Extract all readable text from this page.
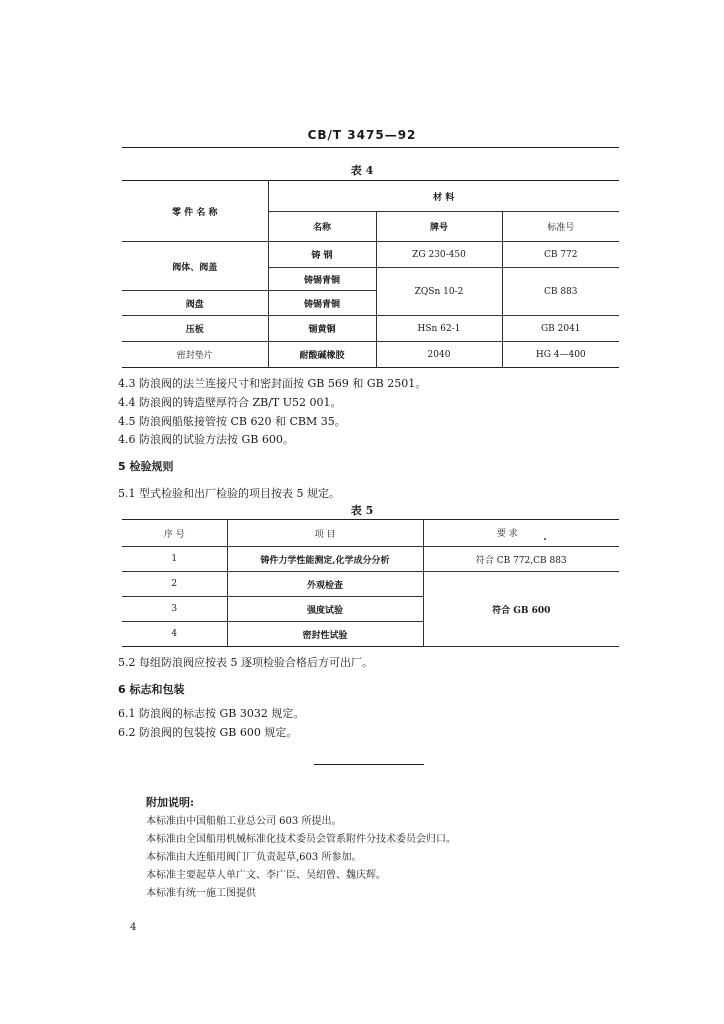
CB/T 3475—92
表 4
零 件 名 称	材 料		
	名称	牌号	标准号
阀体、阀盖	铸 钢	ZG 230-450	CB 772
	铸锡青铜	ZQSn 10-2	CB 883
阀盘	铸锡青铜		
压板	锡黄铜	HSn 62-1	GB 2041
密封垫片	耐酸碱橡胶	2040	HG 4—400
4.3 防浪阀的法兰连接尺寸和密封面按 GB 569 和 GB 2501。
4.4 防浪阀的铸造壁厚符合 ZB/T U52 001。
4.5 防浪阀船舷接管按 CB 620 和 CBM 35。
4.6 防浪阀的试验方法按 GB 600。
5 检验规则
5.1 型式检验和出厂检验的项目按表 5 规定。
表 5
序 号	项 目	要 求
1	铸件力学性能测定,化学成分分析	符合 CB 772,CB 883
2	外观检查	符合 GB 600
3	强度试验	
4	密封性试验	
5.2 每组防浪阀应按表 5 逐项检验合格后方可出厂。
6 标志和包装
6.1 防浪阀的标志按 GB 3032 规定。
6.2 防浪阀的包装按 GB 600 规定。
附加说明:
本标准由中国船舶工业总公司 603 所提出。
本标准由全国船用机械标准化技术委员会管系附件分技术委员会归口。
本标准由大连船用阀门厂负责起草,603 所参加。
本标准主要起草人单广文、李广臣、吴绍曾、魏庆辉。
本标准有统一施工图提供
4
